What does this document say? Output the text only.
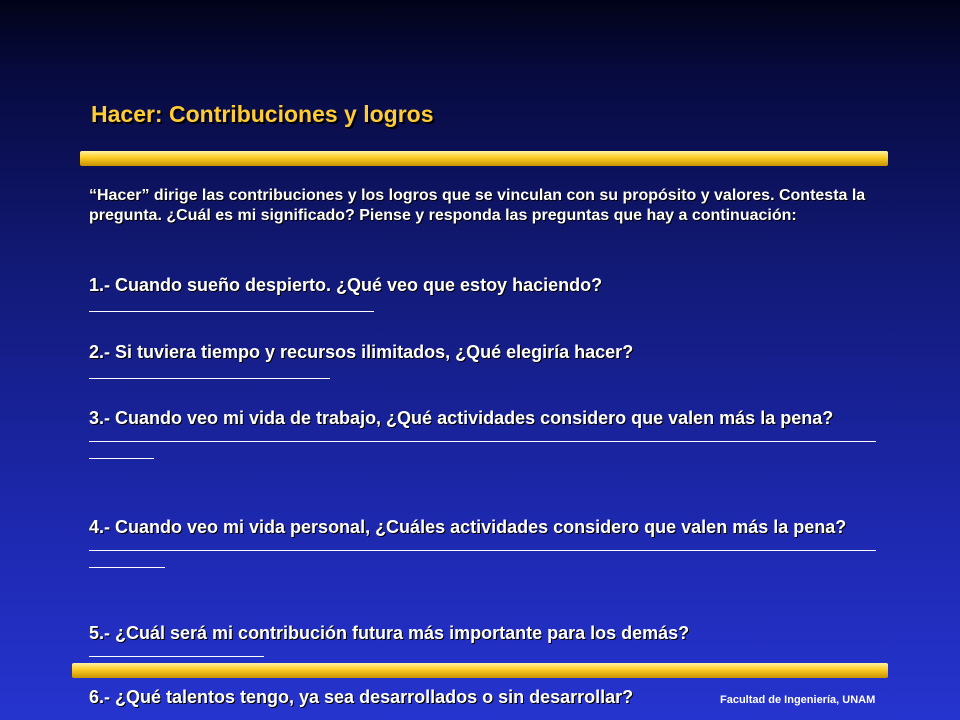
Hacer: Contribuciones y logros

“Hacer” dirige las contribuciones y los logros que se vinculan con su propósito y valores. Contesta la pregunta. ¿Cuál es mi significado? Piense y responda las preguntas que hay a continuación:

1.- Cuando sueño despierto. ¿Qué veo que estoy haciendo?
2.- Si tuviera tiempo y recursos ilimitados, ¿Qué elegiría hacer?
3.- Cuando veo mi vida de trabajo, ¿Qué actividades considero que valen más la pena?
4.- Cuando veo mi vida personal, ¿Cuáles actividades considero que valen más la pena?
5.- ¿Cuál será mi contribución futura más importante para los demás?
6.- ¿Qué talentos tengo, ya sea desarrollados o sin desarrollar?	Facultad de Ingeniería, UNAM
